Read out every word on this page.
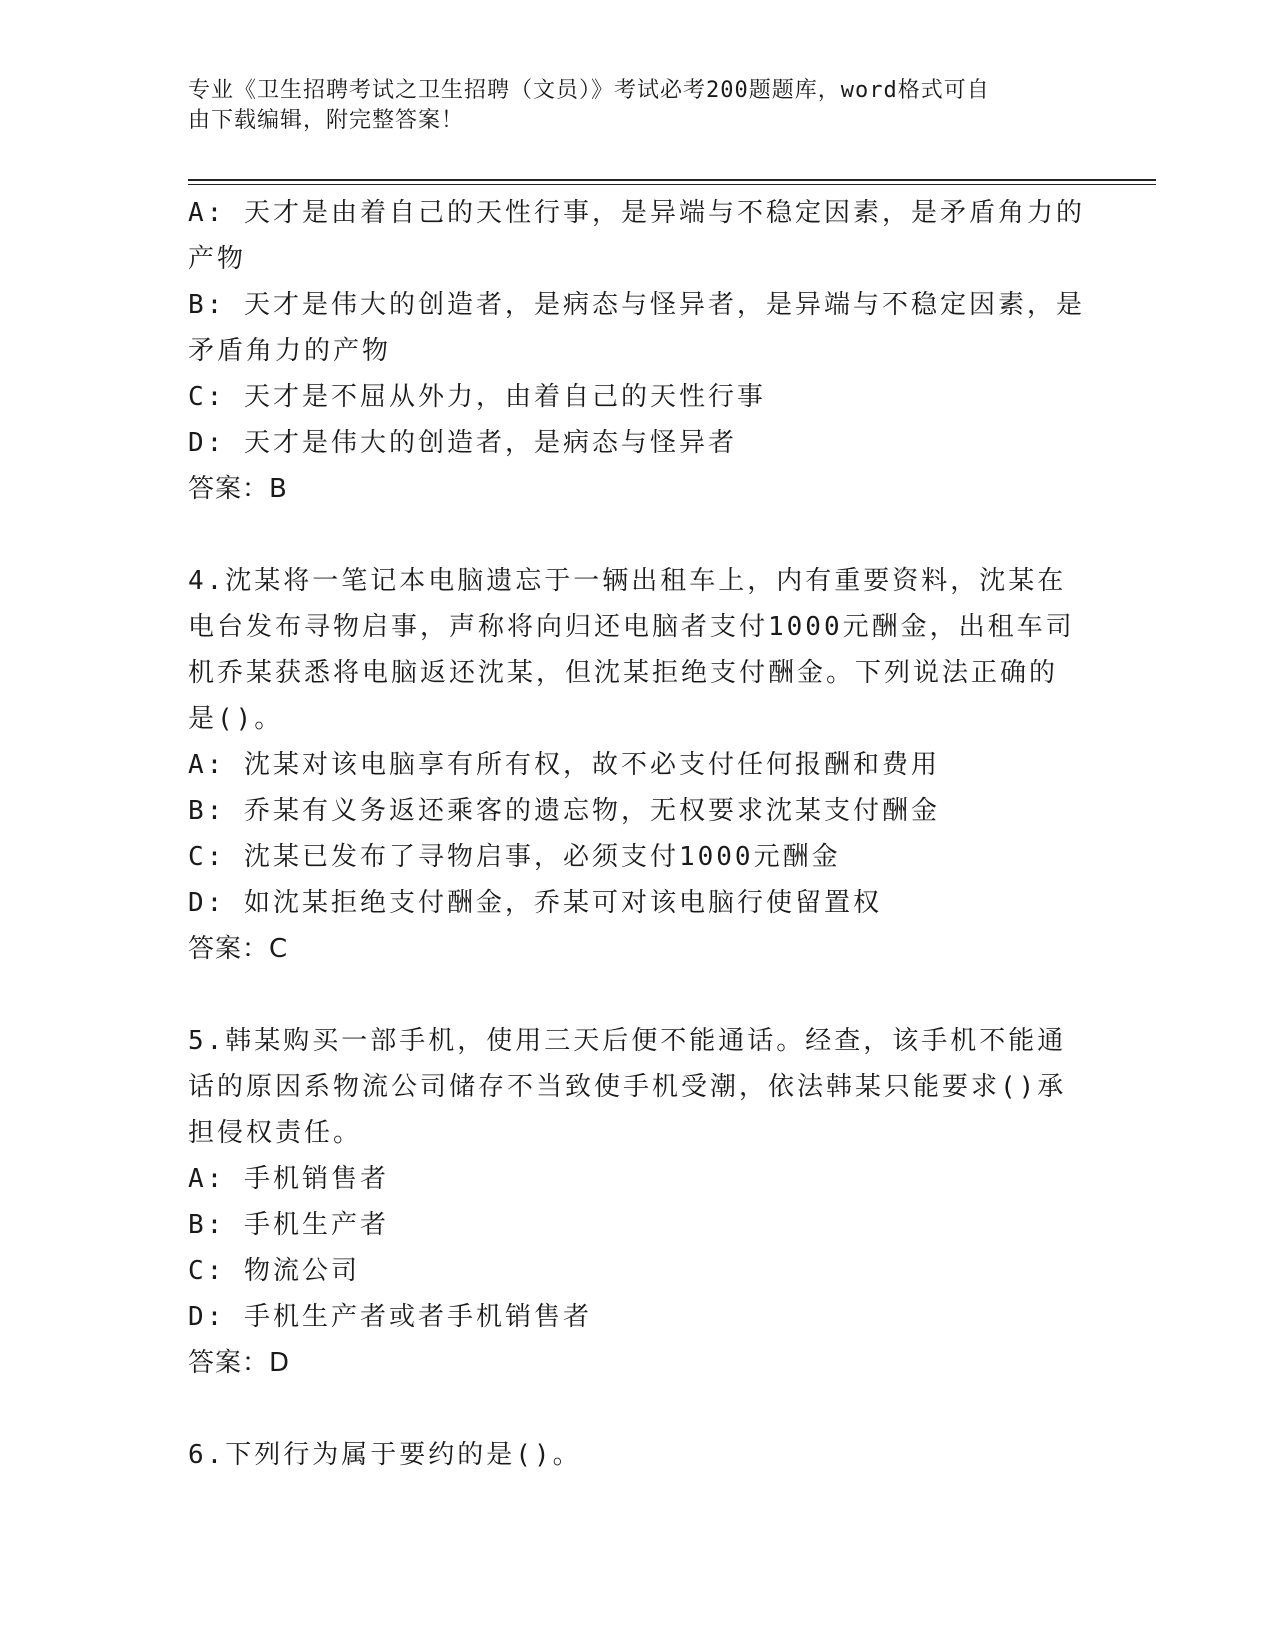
专业《卫生招聘考试之卫生招聘（文员）》考试必考200题题库，word格式可自
由下载编辑，附完整答案！
A: 天才是由着自己的天性行事，是异端与不稳定因素，是矛盾角力的
产物
B: 天才是伟大的创造者，是病态与怪异者，是异端与不稳定因素，是
矛盾角力的产物
C: 天才是不屈从外力，由着自己的天性行事
D: 天才是伟大的创造者，是病态与怪异者
答案：B
4.沈某将一笔记本电脑遗忘于一辆出租车上，内有重要资料，沈某在
电台发布寻物启事，声称将向归还电脑者支付1000元酬金，出租车司
机乔某获悉将电脑返还沈某，但沈某拒绝支付酬金。下列说法正确的
是()。
A: 沈某对该电脑享有所有权，故不必支付任何报酬和费用
B: 乔某有义务返还乘客的遗忘物，无权要求沈某支付酬金
C: 沈某已发布了寻物启事，必须支付1000元酬金
D: 如沈某拒绝支付酬金，乔某可对该电脑行使留置权
答案：C
5.韩某购买一部手机，使用三天后便不能通话。经查，该手机不能通
话的原因系物流公司储存不当致使手机受潮，依法韩某只能要求()承
担侵权责任。
A: 手机销售者
B: 手机生产者
C: 物流公司
D: 手机生产者或者手机销售者
答案：D
6.下列行为属于要约的是()。
